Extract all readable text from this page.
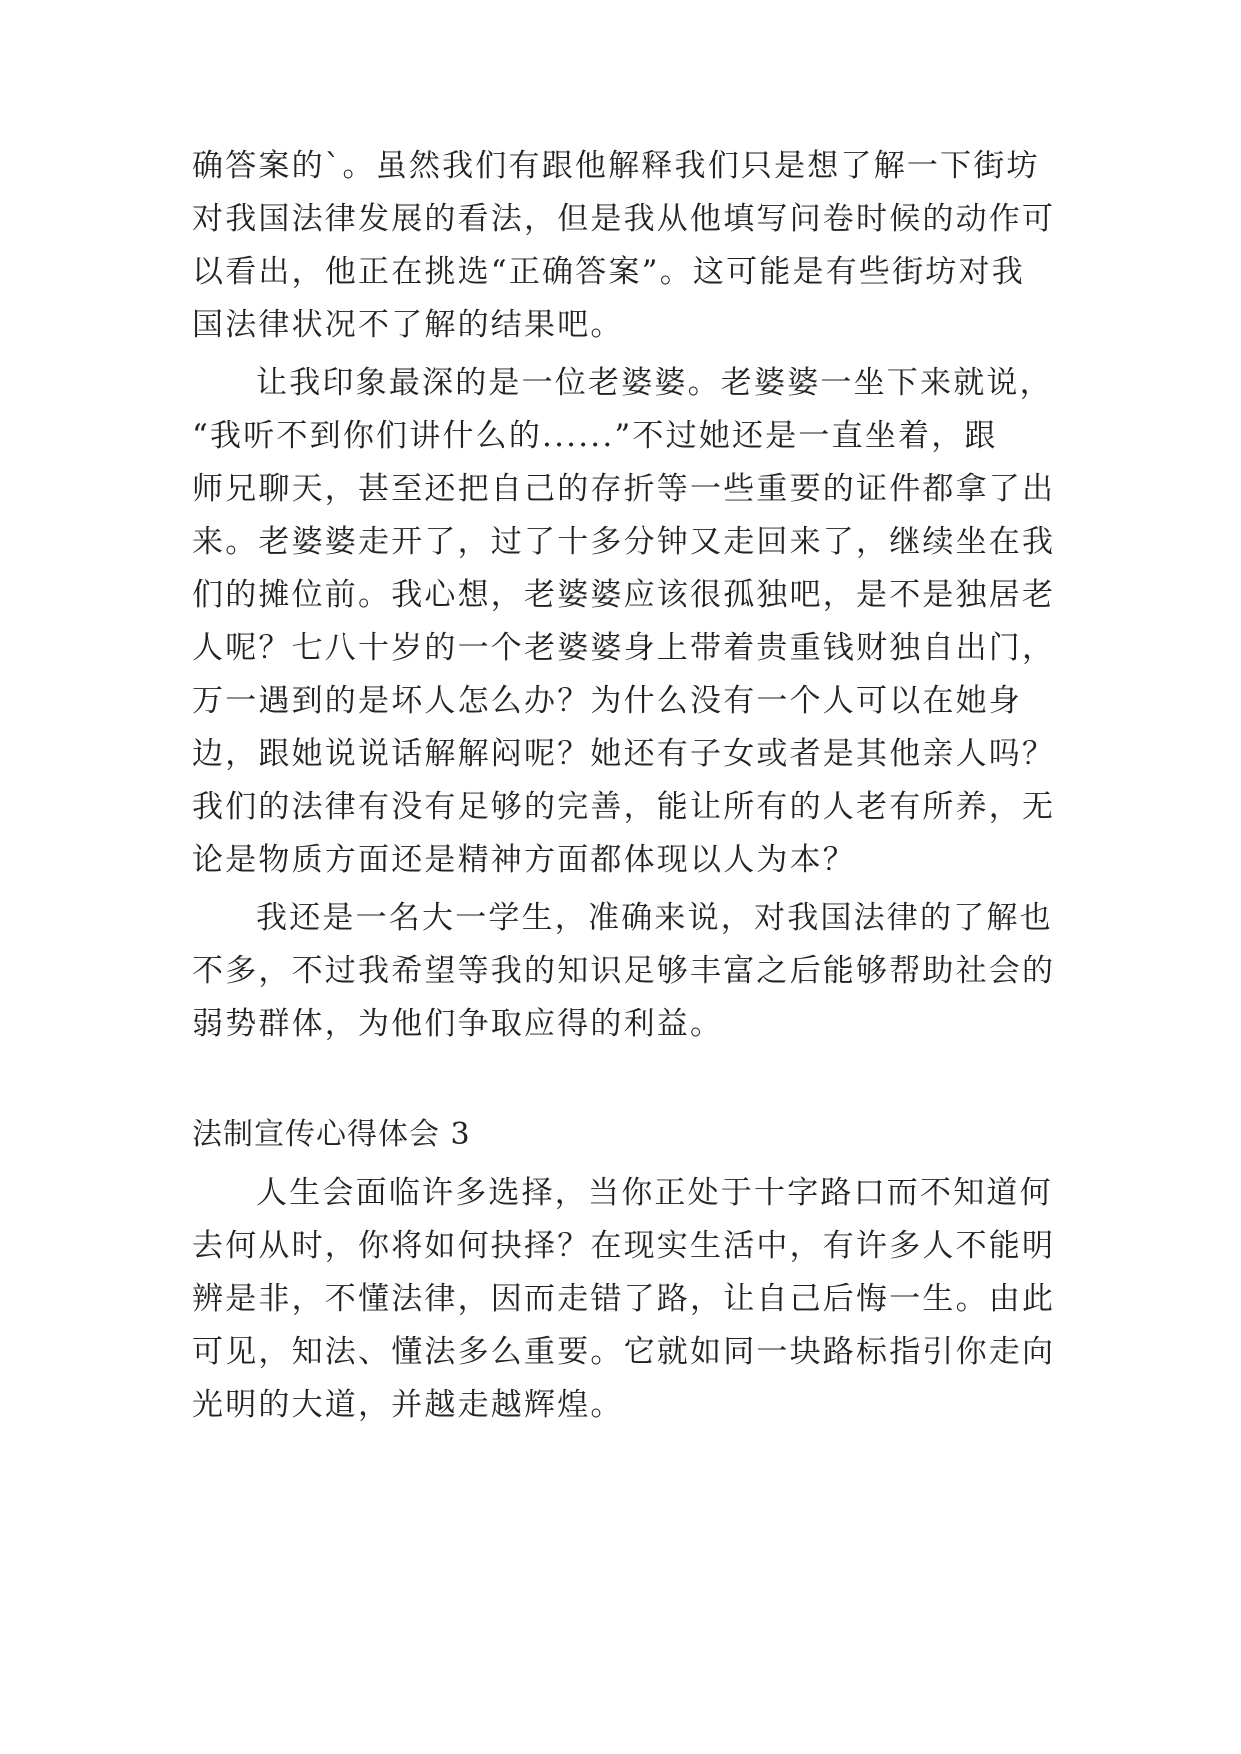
确答案的`。虽然我们有跟他解释我们只是想了解一下街坊
对我国法律发展的看法，但是我从他填写问卷时候的动作可
以看出，他正在挑选“正确答案”。这可能是有些街坊对我
国法律状况不了解的结果吧。
让我印象最深的是一位老婆婆。老婆婆一坐下来就说，
“我听不到你们讲什么的......”不过她还是一直坐着，跟
师兄聊天，甚至还把自己的存折等一些重要的证件都拿了出
来。老婆婆走开了，过了十多分钟又走回来了，继续坐在我
们的摊位前。我心想，老婆婆应该很孤独吧，是不是独居老
人呢？七八十岁的一个老婆婆身上带着贵重钱财独自出门，
万一遇到的是坏人怎么办？为什么没有一个人可以在她身
边，跟她说说话解解闷呢？她还有子女或者是其他亲人吗？
我们的法律有没有足够的完善，能让所有的人老有所养，无
论是物质方面还是精神方面都体现以人为本？
我还是一名大一学生，准确来说，对我国法律的了解也
不多，不过我希望等我的知识足够丰富之后能够帮助社会的
弱势群体，为他们争取应得的利益。
法制宣传心得体会 3
人生会面临许多选择，当你正处于十字路口而不知道何
去何从时，你将如何抉择？在现实生活中，有许多人不能明
辨是非，不懂法律，因而走错了路，让自己后悔一生。由此
可见，知法、懂法多么重要。它就如同一块路标指引你走向
光明的大道，并越走越辉煌。
